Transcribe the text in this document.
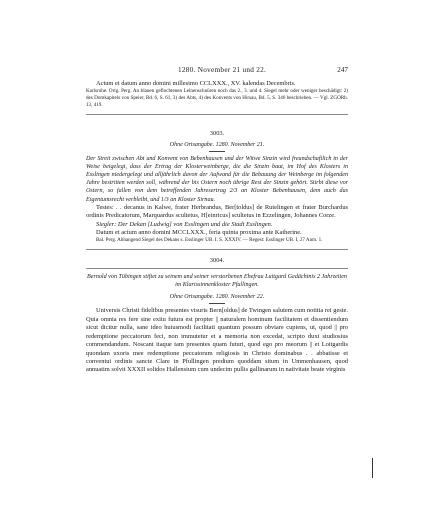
1280. November 21 und 22.	247

Actum et datum anno domini millesimo CCLXXX., XV. kalendas Decembris.

Karlsruhe. Orig. Perg. An blauen geflochtenen Leinenschnüren noch das 2., 3. und 4. Siegel mehr oder weniger beschädigt: 2) des Domkapitels von Speier, Bd. 6, S. 61, 3) des Abts, 4) des Konvents von Hirsau, Bd. 5, S. 346 beschrieben. — Vgl. ZGORh. 13, 419.

3003.

Ohne Ortsangabe. 1280. November 21.

Der Streit zwischen Abt und Konvent von Bebenhausen und der Witwe Sinzin wird freundschaftlich in der Weise beigelegt, dass der Ertrag der Klosterweinberge, die die Sinzin baut, im Hof des Klosters in Esslingen niedergelegt und alljährlich davon der Aufwand für die Bebauung der Weinberge im folgenden Jahre bestritten werden soll, während der bis Ostern noch übrige Rest der Sinzin gehört. Stirbt diese vor Ostern, so fallen von dem betreffenden Jahresertrag 2/3 an Kloster Bebenhausen, dem auch das Eigentumsrecht verbleibt, und 1/3 an Kloster Sirnau.

Testes: . . decanus in Kalwe, frater Herbrandus, Ber[toldus] de Rutelingen et frater Burchardus ordinis Predicatorum, Marquardus scultetus, H[einricus] scultetus in Ezzelingen, Johannes Corze.

Siegler: Der Dekan [Ludwig] von Esslingen und die Stadt Esslingen.

Datum et actum anno domini MCCLXXX., feria quinta proxima ante Katherine.

Bal. Perg. Abhangend Siegel des Dekans s. Esslinger UB. I. S. XXXIV. — Regest: Esslinger UB. I, 27 Anm. 1.

3004.

Bernold von Tübingen stiftet zu seinem und seiner verstorbenen Ehefrau Luitgard Gedächtnis 2 Jahrzeiten im Klarissinnenkloster Pfullingen.

Ohne Ortsangabe. 1280. November 22.

Universis Christi fidelibus presentes visuris Bern[oldus] de Twingen salutem cum notitia rei geste. Quia omnia res fere sine exitu futura est propter || naturalem hominum facilitatem et dissentiendum sicut dicitur nulla, sane ideo huiusmodi facilitati quantum possum obviare cupiens, ut, quod || pro redemptione peccatorum feci, non immutetur et a memoria non excedat, scripto duxi studiosius commendandum. Noscant itaque tam presentes quam futuri, quod ego pro meorum || et Loitgardis quondam uxoris mee redemptione peccatorum religiosis in Christo dominabus . . abbatisse et conventui ordinis sancte Clare in Pfullingen predium quoddam situm in Ummenhausen, quod annuatim solvit XXXII solidos Hallensium cum undecim pullis gallinarum in nativitate beate virginis
